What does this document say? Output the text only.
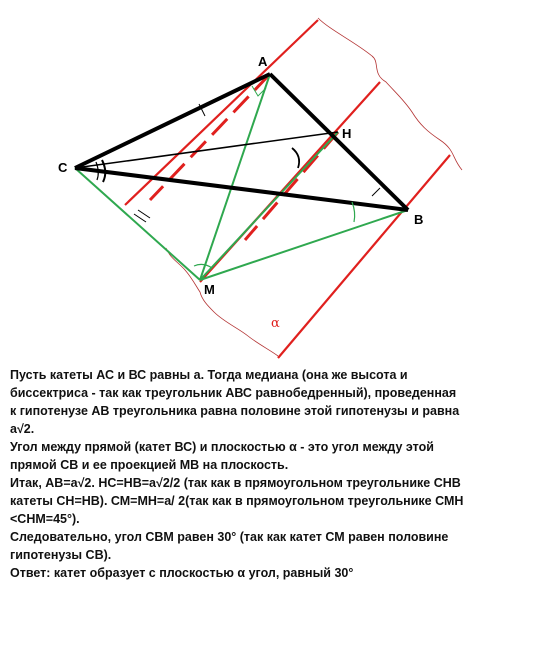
A
H
C
B
M
α

Пусть катеты АС и ВС равны а. Тогда медиана (она же высота и

биссектриса - так как треугольник АВС равнобедренный), проведенная

к гипотенузе АВ треугольника равна половине этой гипотенузы и равна

а√2.

Угол между прямой (катет ВС) и плоскостью α - это угол между этой

прямой СВ и ее проекцией МВ на плоскость.

Итак, АВ=а√2. НС=НВ=а√2/2 (так как в прямоугольном треугольнике СНВ

катеты СН=НВ). СМ=МН=а/ 2(так как в прямоугольном треугольнике СМН

<CHM=45°).

Следовательно, угол СВМ равен 30° (так как катет СМ равен половине

гипотенузы СВ).

Ответ: катет образует с плоскостью α угол, равный 30°
